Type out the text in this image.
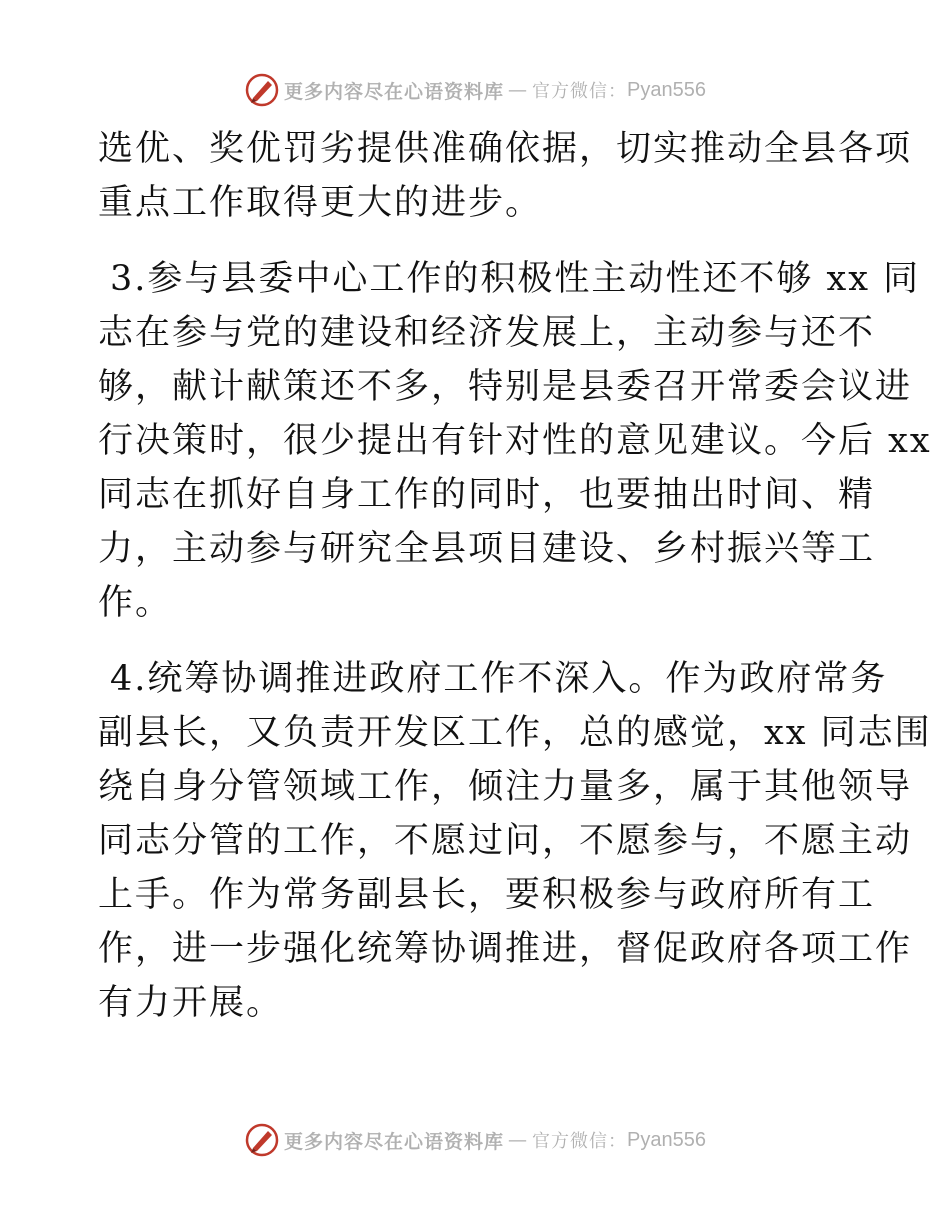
更多内容尽在心语资料库 — 官方微信： Pyan556
选优、奖优罚劣提供准确依据，切实推动全县各项
重点工作取得更大的进步。
3.参与县委中心工作的积极性主动性还不够 xx 同
志在参与党的建设和经济发展上，主动参与还不
够，献计献策还不多，特别是县委召开常委会议进
行决策时，很少提出有针对性的意见建议。今后 xx
同志在抓好自身工作的同时，也要抽出时间、精
力，主动参与研究全县项目建设、乡村振兴等工
作。
4.统筹协调推进政府工作不深入。作为政府常务
副县长，又负责开发区工作，总的感觉，xx 同志围
绕自身分管领域工作，倾注力量多，属于其他领导
同志分管的工作，不愿过问，不愿参与，不愿主动
上手。作为常务副县长，要积极参与政府所有工
作，进一步强化统筹协调推进，督促政府各项工作
有力开展。
更多内容尽在心语资料库 — 官方微信： Pyan556
